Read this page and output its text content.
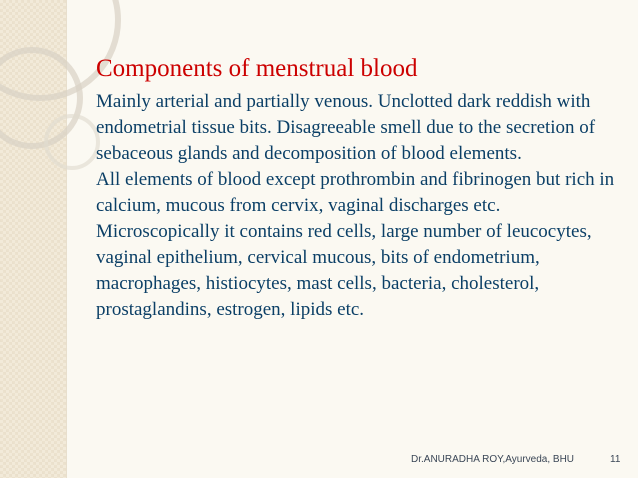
Components of menstrual blood

Mainly arterial and partially venous. Unclotted dark reddish with endometrial tissue bits. Disagreeable smell due to the secretion of sebaceous glands and decomposition of blood elements.

All elements of blood except prothrombin and fibrinogen but rich in calcium, mucous from cervix, vaginal discharges etc.

Microscopically it contains red cells, large number of leucocytes, vaginal epithelium, cervical mucous, bits of endometrium, macrophages, histiocytes, mast cells, bacteria, cholesterol, prostaglandins, estrogen, lipids etc.

Dr.ANURADHA ROY,Ayurveda, BHU	11
